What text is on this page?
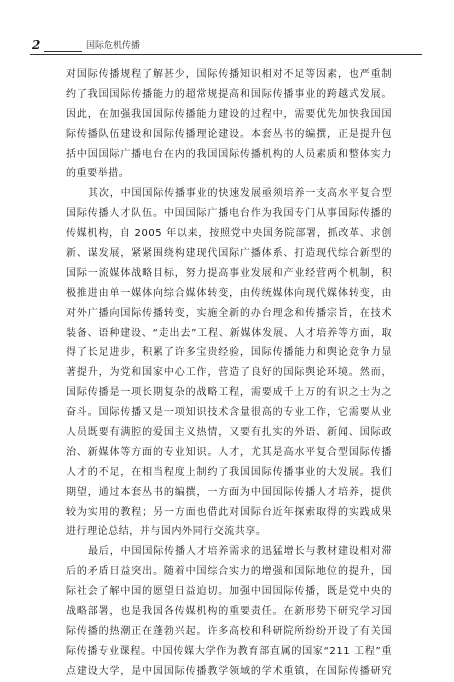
2	国际危机传播
对国际传播规程了解甚少，国际传播知识相对不足等因素，也严重制
约了我国国际传播能力的超常规提高和国际传播事业的跨越式发展。
因此，在加强我国国际传播能力建设的过程中，需要优先加快我国国
际传播队伍建设和国际传播理论建设。本套丛书的编撰，正是提升包
括中国国际广播电台在内的我国国际传播机构的人员素质和整体实力
的重要举措。
其次，中国国际传播事业的快速发展亟须培养一支高水平复合型
国际传播人才队伍。中国国际广播电台作为我国专门从事国际传播的
传媒机构，自 2005 年以来，按照党中央国务院部署，抓改革、求创
新、谋发展，紧紧围绕构建现代国际广播体系、打造现代综合新型的
国际一流媒体战略目标，努力提高事业发展和产业经营两个机制，积
极推进由单一媒体向综合媒体转变，由传统媒体向现代媒体转变，由
对外广播向国际传播转变，实施全新的办台理念和传播宗旨，在技术
装备、语种建设、“走出去”工程、新媒体发展、人才培养等方面，取
得了长足进步，积累了许多宝贵经验，国际传播能力和舆论竞争力显
著提升，为党和国家中心工作，营造了良好的国际舆论环境。然而，
国际传播是一项长期复杂的战略工程，需要成千上万的有识之士为之
奋斗。国际传播又是一项知识技术含量很高的专业工作，它需要从业
人员既要有满腔的爱国主义热情，又要有扎实的外语、新闻、国际政
治、新媒体等方面的专业知识。人才，尤其是高水平复合型国际传播
人才的不足，在相当程度上制约了我国国际传播事业的大发展。我们
期望，通过本套丛书的编撰，一方面为中国国际传播人才培养，提供
较为实用的教程；另一方面也借此对国际台近年探索取得的实践成果
进行理论总结，并与国内外同行交流共享。
最后，中国国际传播人才培养需求的迅猛增长与教材建设相对滞
后的矛盾日益突出。随着中国综合实力的增强和国际地位的提升，国
际社会了解中国的愿望日益迫切。加强中国国际传播，既是党中央的
战略部署，也是我国各传媒机构的重要责任。在新形势下研究学习国
际传播的热潮正在蓬勃兴起。许多高校和科研院所纷纷开设了有关国
际传播专业课程。中国传媒大学作为教育部直属的国家“211 工程”重
点建设大学，是中国国际传播教学领域的学术重镇，在国际传播研究
